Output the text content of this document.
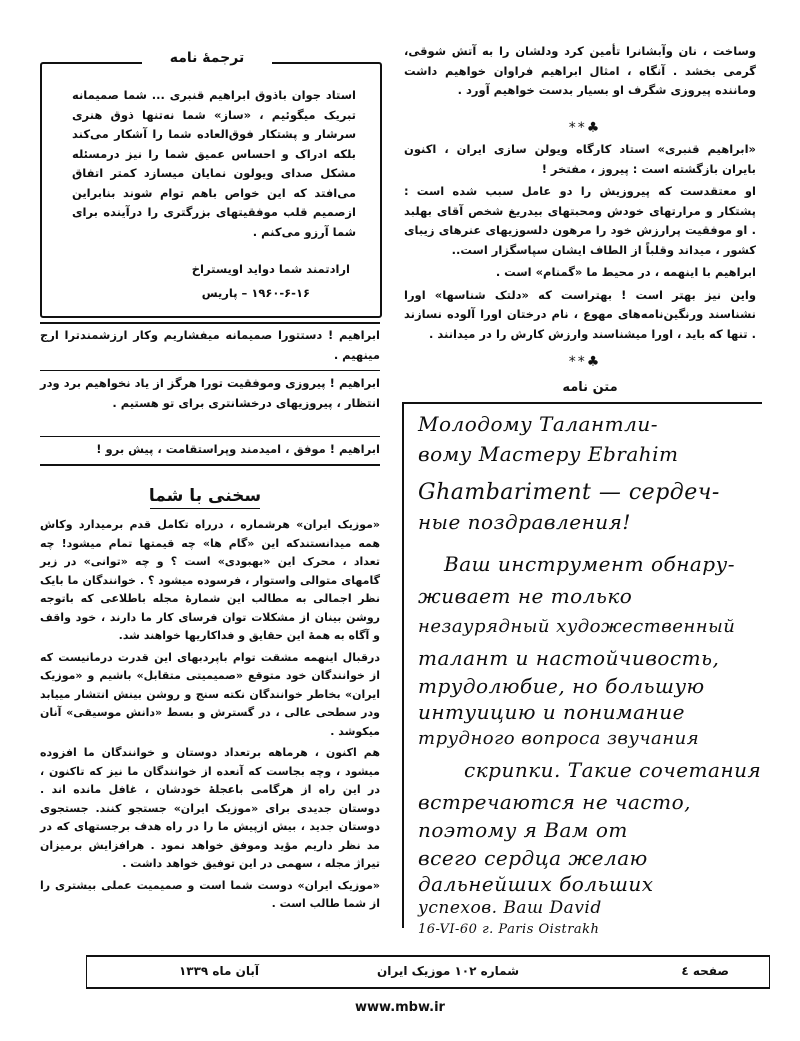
وساخت ، نان وآبشانرا تأمین کرد ودلشان را به آتش شوقی، گرمی بخشد . آنگاه ، امثال ابراهیم فراوان خواهیم داشت وماننده پیروزی شگرف او بسیار بدست خواهیم آورد .

♣**

«ابراهیم قنبری» استاد کارگاه ویولن سازی ایران ، اکنون بایران بازگشته است : پیروز ، مفتخر !

او معتقدست که پیروزیش را دو عامل سبب شده است : پشتکار و مرارتهای خودش ومحبتهای بیدریغ شخص آقای بهلبد . او موفقیت پرارزش خود را مرهون دلسوزیهای عنرهای زیبای کشور ، میداند وقلباً از الطاف ایشان سپاسگزار است..

ابراهیم با اینهمه ، در محیط ما «گمنام» است .

واین نیز بهتر است ! بهتراست که «دلتک شناسها» اورا نشناسند ورنگین‌نامه‌های مهوع ، نام درختان اورا آلوده نسازند . تنها که باید ، اورا میشناسند وارزش کارش را در میدانند .

♣**
استاد جوان باذوق ابراهیم قنبری ... شما صمیمانه تبریک میگوئیم ، «ساز» شما نه‌تنها ذوق هنری سرشار و پشتکار فوق‌العاده شما را آشکار می‌کند بلکه ادراک و احساس عمیق شما را نیز درمسئله مشکل صدای ویولون نمایان میسازد کمتر اتفاق می‌افتد که این خواص باهم توام شوند بنابراین ازصمیم قلب موفقیتهای بزرگتری را درآینده برای شما آرزو می‌کنم .
ارادتمند شما دوايد اويستراخ
۱۹۶۰-۶-۱۶ – پاریس
ترجمهٔ نامه
ابراهیم ! دستتورا صمیمانه میفشاریم وکار ارزشمندترا ارج مینهیم .
ابراهیم ! پیروزی وموفقیت تورا هرگز از یاد نخواهیم برد ودر انتظار ، پیروزیهای درخشانتری برای تو هستیم .
ابراهیم ! موفق ، امیدمند وپراستقامت ، پیش برو !
سخنی با شما

«موزیک ایران» هرشماره ، درراه تکامل قدم برمیدارد وکاش همه میدانستندکه این «گام ها» چه قیمتها تمام میشود! چه تعداد ، محرک این «بهبودی» است ؟ و چه «توانی» در زیر گامهای متوالی واستوار ، فرسوده میشود ؟ . خوانندگان ما بایک نظر اجمالی به مطالب این شمارهٔ مجله باطلاعی که باتوجه روشن بینان از مشکلات توان فرسای کار ما دارند ، خود واقف و آگاه به همهٔ این حقایق و فداکاریها خواهند شد.

درقبال اینهمه مشقت توام باپردبهای این قدرت درمانیست که از خوانندگان خود متوقع «صمیمیتی متقابل» باشیم و «موزیک ایران» بخاطر خوانندگان نکته سنج و روشن بینش انتشار مییابد ودر سطحی عالی ، در گسترش و بسط «دانش موسیقی» آنان میکوشد .

هم اکنون ، هرماهه برتعداد دوستان و خوانندگان ما افزوده میشود ، وچه بجاست که آنعده از خوانندگان ما نیز که تاکنون ، در این راه از هرگامی باعجلهٔ خودشان ، غافل مانده اند . دوستان جدیدی برای «موزیک ایران» جستجو کنند. جستجوی دوستان جدید ، بیش ازپیش ما را در راه هدف برجستهای که در مد نظر داریم مؤید وموفق خواهد نمود . هرافزایش برمیزان تیراژ مجله ، سهمی در این توفیق خواهد داشت .

«موزیک ایران» دوست شما است و صمیمیت عملی بیشتری را از شما طالب است .

Молодому Талантли-
вому Мастеру Ebrahim
Ghambariment — сердеч-
ные поздравления!
Ваш инструмент обнару-
живает не только
незаурядный художественный
талант и настойчивость,
трудолюбие, но большую
интуицию и понимание
трудного вопроса звучания
скрипки. Такие сочетания
встречаются не часто,
поэтому я Вам от
всего сердца желаю
дальнейших больших
успехов. Ваш David
16-VI-60 г. Paris Oistrakh
متن نامه
صفحه ٤
شماره ۱۰۲ موزیک ایران
آبان ماه ۱۳۳۹
www.mbw.ir
